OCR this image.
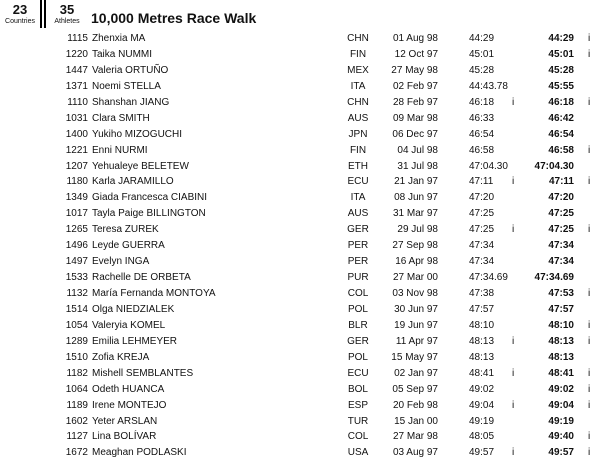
23
Countries
35
Athletes 10,000 Metres Race Walk
1115 Zhenxia MA	CHN	01 Aug 98	44:29	44:29 i
1220 Taika NUMMI	FIN	12 Oct 97	45:01	45:01 i
1447 Valeria ORTUÑO	MEX	27 May 98	45:28	45:28
1371 Noemi STELLA	ITA	02 Feb 97	44:43.78	45:55
1110 Shanshan JIANG	CHN	28 Feb 97	46:18 i	46:18 i
1031 Clara SMITH	AUS	09 Mar 98	46:33	46:42
1400 Yukiho MIZOGUCHI	JPN	06 Dec 97	46:54	46:54
1221 Enni NURMI	FIN	04 Jul 98	46:58	46:58 i
1207 Yehualeye BELETEW	ETH	31 Jul 98	47:04.30	47:04.30
1180 Karla JARAMILLO	ECU	21 Jan 97	47:11 i	47:11 i
1349 Giada Francesca CIABINI	ITA	08 Jun 97	47:20	47:20
1017 Tayla Paige BILLINGTON	AUS	31 Mar 97	47:25	47:25
1265 Teresa ZUREK	GER	29 Jul 98	47:25 i	47:25 i
1496 Leyde GUERRA	PER	27 Sep 98	47:34	47:34
1497 Evelyn INGA	PER	16 Apr 98	47:34	47:34
1533 Rachelle DE ORBETA	PUR	27 Mar 00	47:34.69	47:34.69
1132 María Fernanda MONTOYA	COL	03 Nov 98	47:38	47:53 i
1514 Olga NIEDZIALEK	POL	30 Jun 97	47:57	47:57
1054 Valeryia KOMEL	BLR	19 Jun 97	48:10	48:10 i
1289 Emilia LEHMEYER	GER	11 Apr 97	48:13 i	48:13 i
1510 Zofia KREJA	POL	15 May 97	48:13	48:13
1182 Mishell SEMBLANTES	ECU	02 Jan 97	48:41 i	48:41 i
1064 Odeth HUANCA	BOL	05 Sep 97	49:02	49:02 i
1189 Irene MONTEJO	ESP	20 Feb 98	49:04 i	49:04 i
1602 Yeter ARSLAN	TUR	15 Jan 00	49:19	49:19
1127 Lina BOLÍVAR	COL	27 Mar 98	48:05	49:40 i
1672 Meaghan PODLASKI	USA	03 Aug 97	49:57 i	49:57 i
